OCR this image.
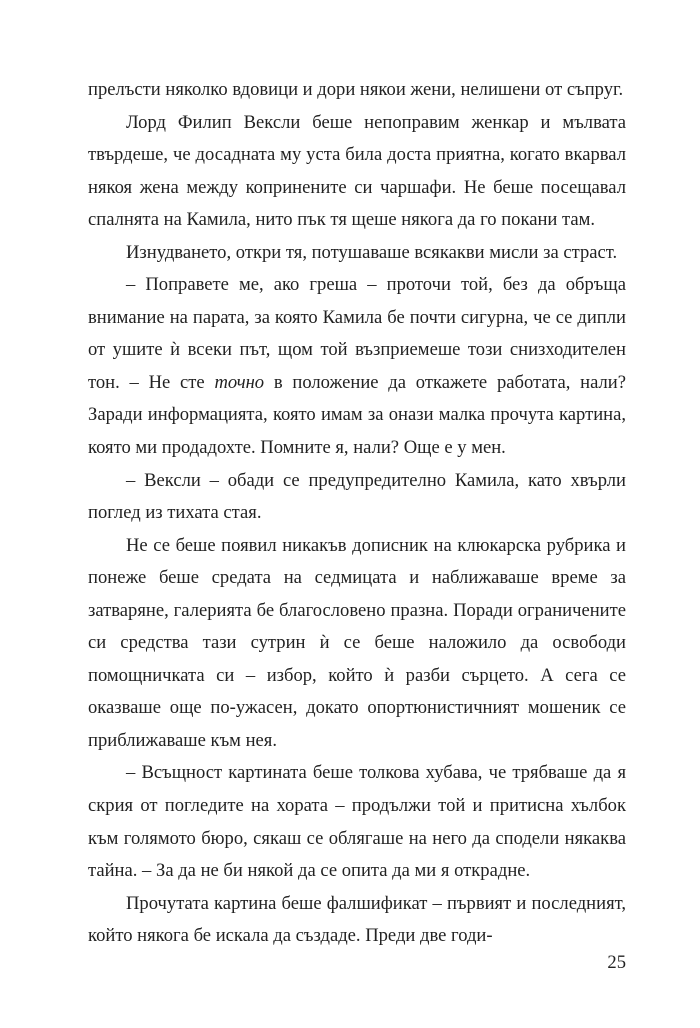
прелъсти няколко вдовици и дори някои жени, нелишени от съпруг.

Лорд Филип Вексли беше непоправим женкар и мълвата твърдеше, че досадната му уста била доста приятна, когато вкарвал някоя жена между копринените си чаршафи. Не беше посещавал спалнята на Камила, нито пък тя щеше някога да го покани там.

Изнудването, откри тя, потушаваше всякакви мисли за страст.

– Поправете ме, ако греша – проточи той, без да обръща внимание на парата, за която Камила бе почти сигурна, че се дипли от ушите ѝ всеки път, щом той възприемеше този снизходителен тон. – Не сте точно в положение да откажете работата, нали? Заради информацията, която имам за онази малка прочута картина, която ми продадохте. Помните я, нали? Още е у мен.

– Вексли – обади се предупредително Камила, като хвърли поглед из тихата стая.

Не се беше появил никакъв дописник на клюкарска рубрика и понеже беше средата на седмицата и наближаваше време за затваряне, галерията бе благословено празна. Поради ограничените си средства тази сутрин ѝ се беше наложило да освободи помощничката си – избор, който ѝ разби сърцето. А сега се оказваше още по-ужасен, докато опортюнистичният мошеник се приближаваше към нея.

– Всъщност картината беше толкова хубава, че трябваше да я скрия от погледите на хората – продължи той и притисна хълбок към голямото бюро, сякаш се облягаше на него да сподели някаква тайна. – За да не би някой да се опита да ми я открадне.

Прочутата картина беше фалшификат – първият и последният, който някога бе искала да създаде. Преди две годи-

25
